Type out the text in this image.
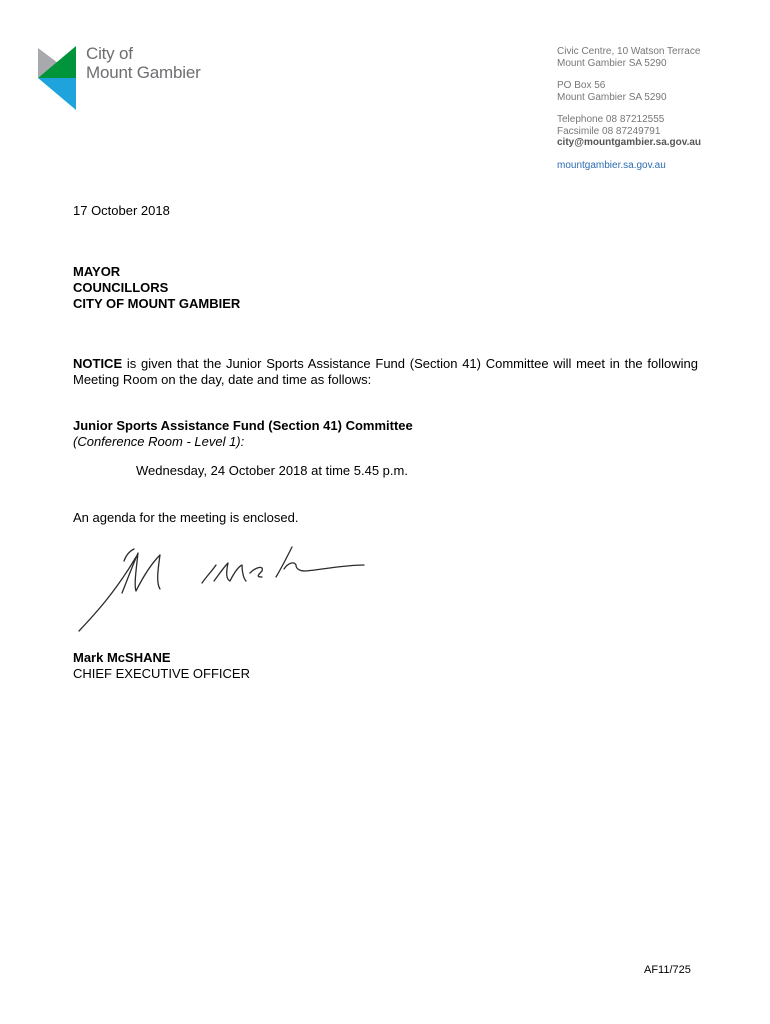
City of
Mount Gambier
Civic Centre, 10 Watson Terrace
Mount Gambier SA 5290
PO Box 56
Mount Gambier SA 5290
Telephone 08 87212555
Facsimile 08 87249791
city@mountgambier.sa.gov.au
mountgambier.sa.gov.au
17 October 2018
MAYOR
COUNCILLORS
CITY OF MOUNT GAMBIER
NOTICE is given that the Junior Sports Assistance Fund (Section 41) Committee will meet in the following Meeting Room on the day, date and time as follows:
Junior Sports Assistance Fund (Section 41) Committee
(Conference Room - Level 1):
Wednesday, 24 October 2018 at time 5.45 p.m.
An agenda for the meeting is enclosed.
Mark McSHANE
CHIEF EXECUTIVE OFFICER
AF11/725
